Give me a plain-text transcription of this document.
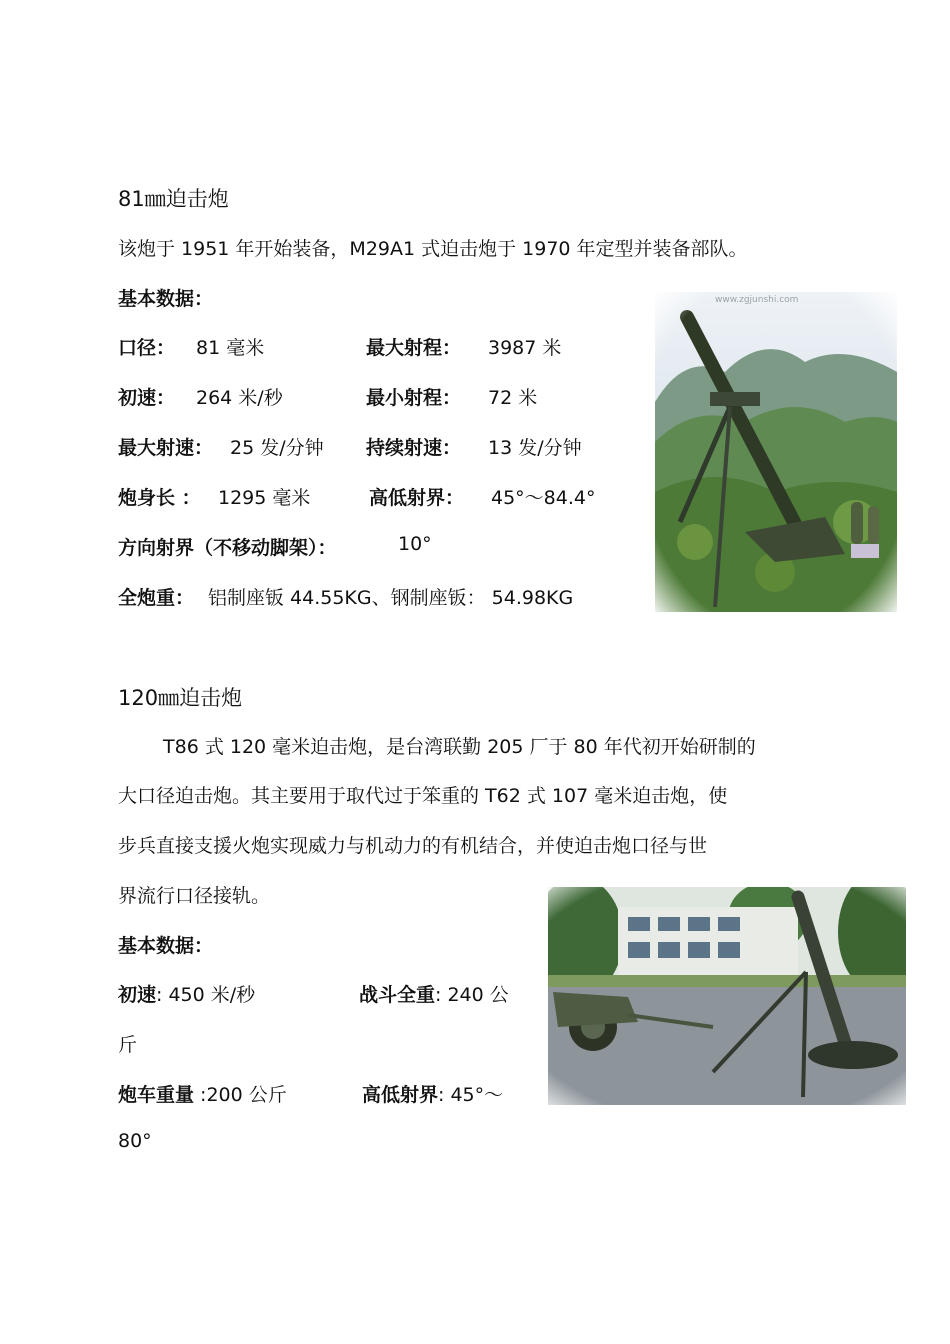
81㎜迫击炮
该炮于 1951 年开始装备，M29A1 式迫击炮于 1970 年定型并装备部队。
基本数据：
口径： 81 毫米	最大射程： 3987 米
初速： 264 米/秒	最小射程： 72 米
最大射速： 25 发/分钟 持续射速： 13 发/分钟
炮身长 ： 1295 毫米	高低射界： 45°～84.4°
方向射界（不移动脚架）：	10°
全炮重： 铝制座钣 44.55KG、钢制座钣： 54.98KG
120㎜迫击炮
T86 式 120 毫米迫击炮，是台湾联勤 205 厂于 80 年代初开始研制的
大口径迫击炮。其主要用于取代过于笨重的 T62 式 107 毫米迫击炮，使
步兵直接支援火炮实现威力与机动力的有机结合，并使迫击炮口径与世
界流行口径接轨。
基本数据：
初速: 450 米/秒	战斗全重: 240 公
斤
炮车重量 :200 公斤	高低射界: 45°～
80°
